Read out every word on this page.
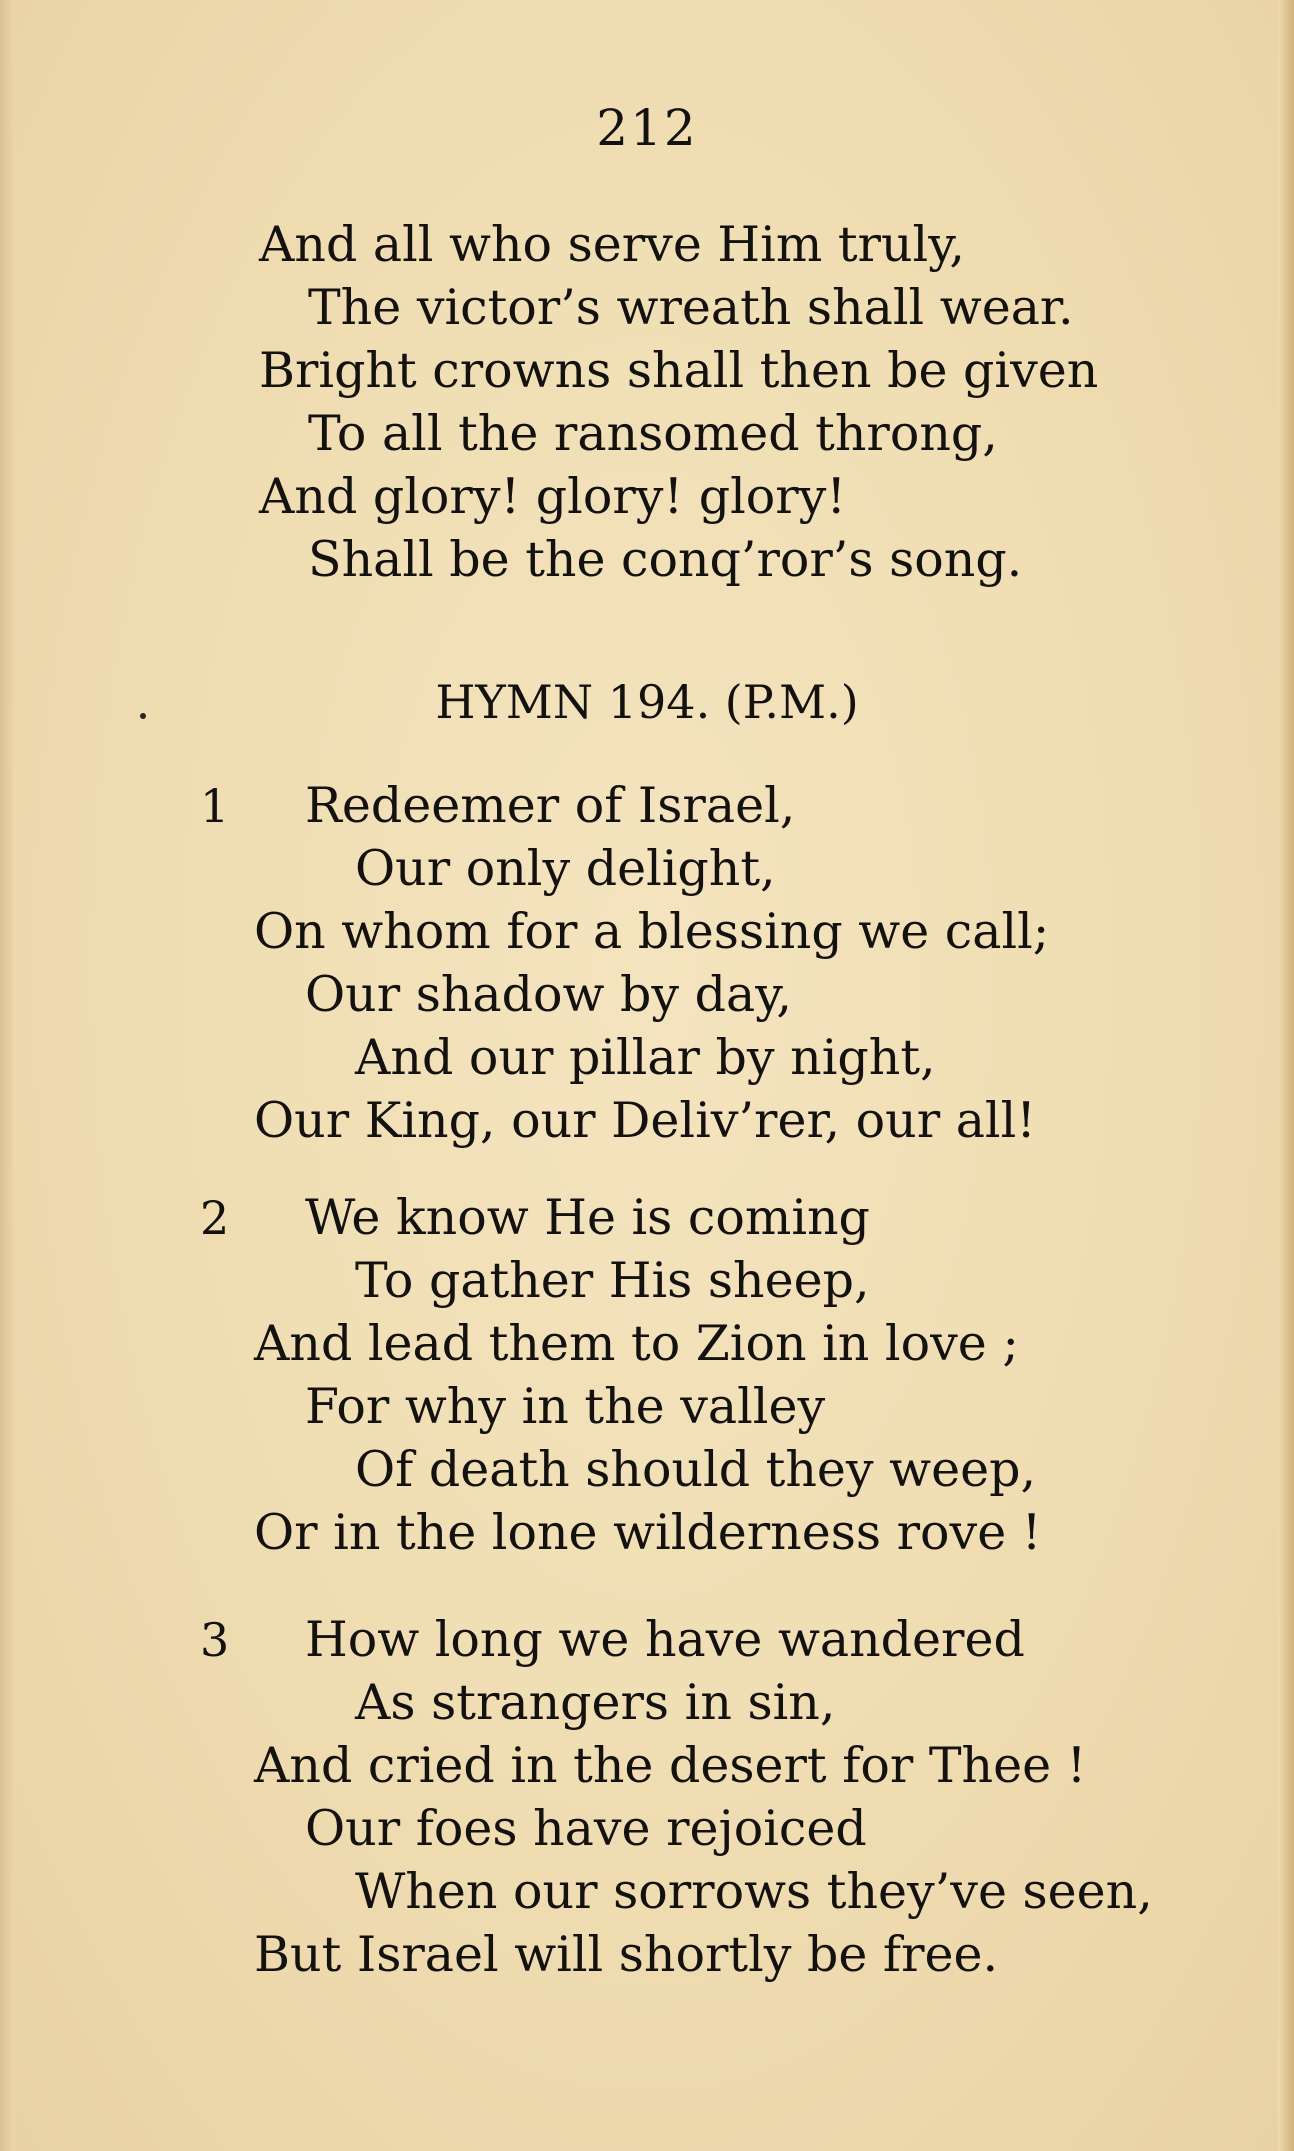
212
And all who serve Him truly,
The victor’s wreath shall wear.
Bright crowns shall then be given
To all the ransomed throng,
And glory! glory! glory!
Shall be the conq’ror’s song.
HYMN 194. (P.M.)
1 Redeemer of Israel,
Our only delight,
On whom for a blessing we call;
Our shadow by day,
And our pillar by night,
Our King, our Deliv’rer, our all!
2 We know He is coming
To gather His sheep,
And lead them to Zion in love ;
For why in the valley
Of death should they weep,
Or in the lone wilderness rove !
3 How long we have wandered
As strangers in sin,
And cried in the desert for Thee !
Our foes have rejoiced
When our sorrows they’ve seen,
But Israel will shortly be free.
